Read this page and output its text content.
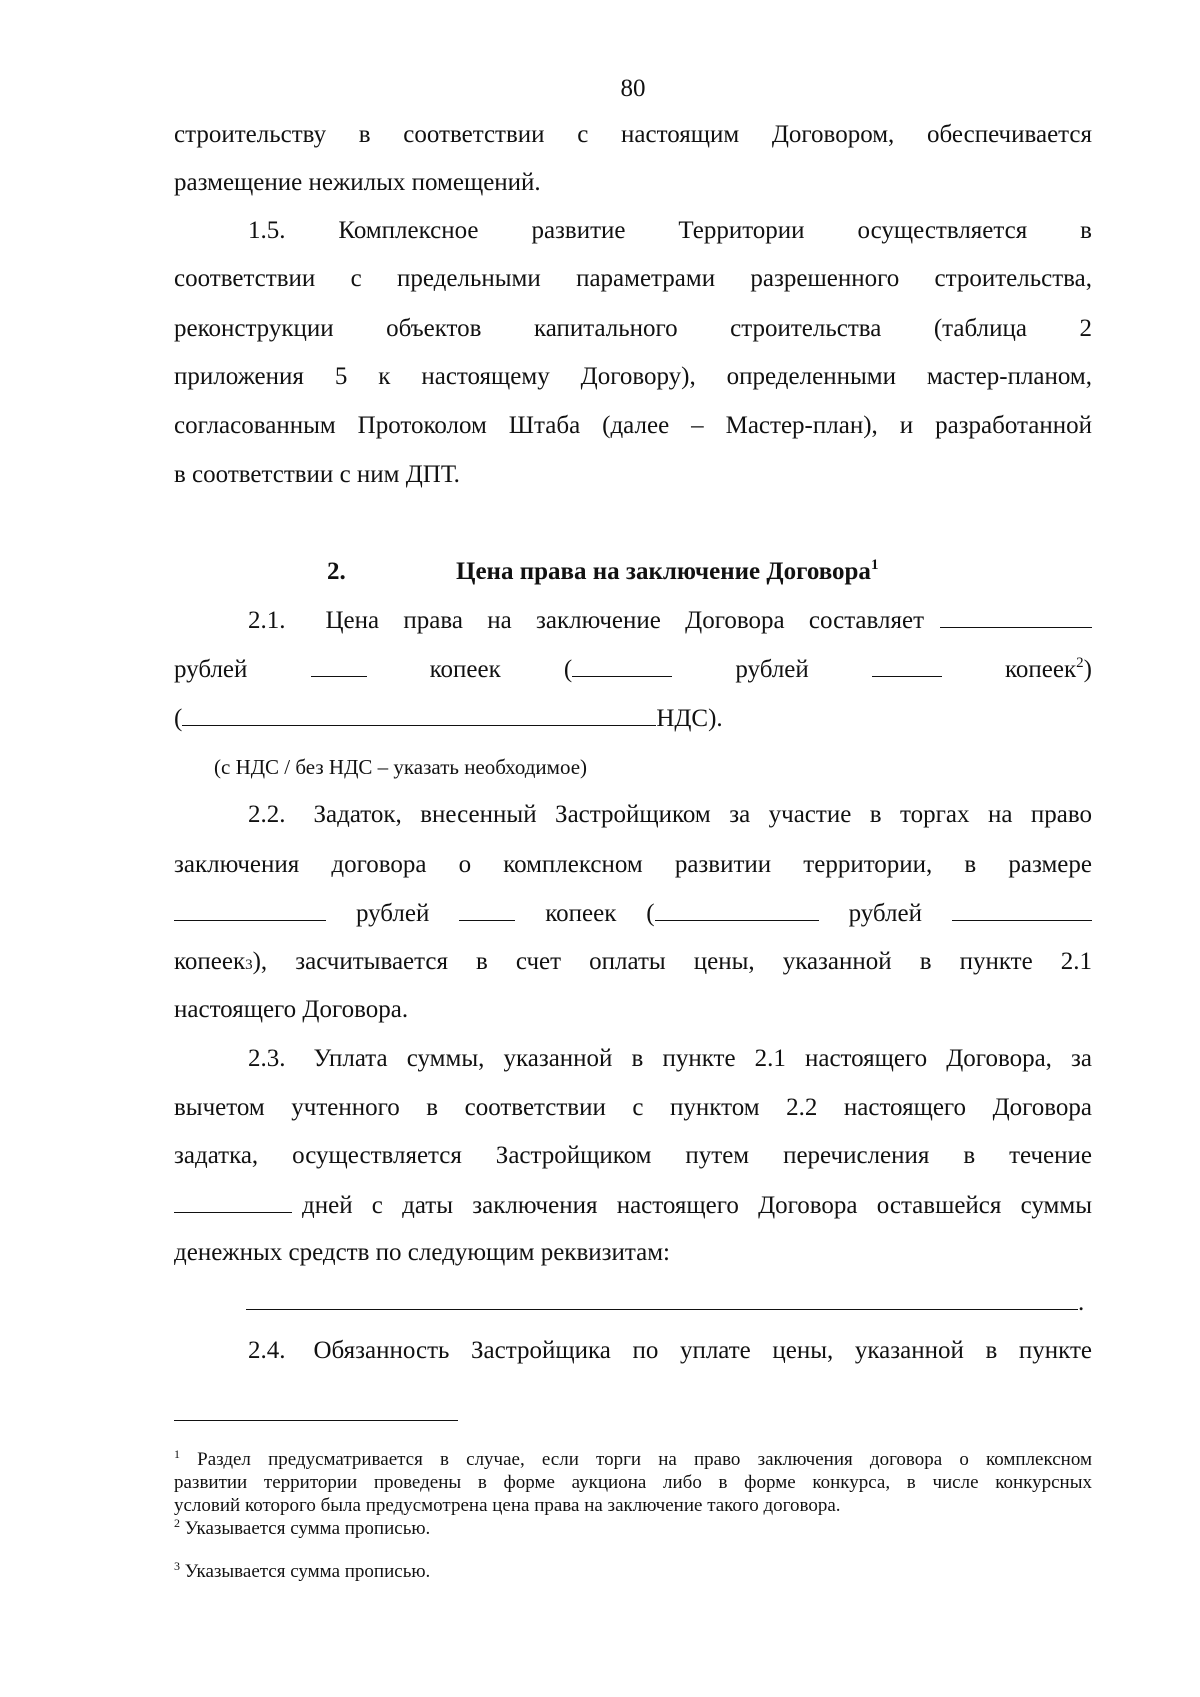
80
строительству в соответствии с настоящим Договором, обеспечивается
размещение нежилых помещений.
1.5. Комплексное развитие Территории осуществляется в
соответствии с предельными параметрами разрешенного строительства,
реконструкции объектов капитального строительства (таблица 2
приложения 5 к настоящему Договору), определенными мастер-планом,
согласованным Протоколом Штаба (далее – Мастер-план), и разработанной
в соответствии с ним ДПТ.
2.	Цена права на заключение Договора$^1$
2.1. Цена права на заключение Договора составляет
рублей	копеек	(	рублей	копеек$^2$)
(	НДС).
(с НДС / без НДС – указать необходимое)
2.2. Задаток, внесенный Застройщиком за участие в торгах на право
заключения договора о комплексном развитии территории, в размере
рублей	копеек (	рублей
копеек 3 ), засчитывается в счет оплаты цены, указанной в пункте 2.1
настоящего Договора.
2.3. Уплата суммы, указанной в пункте 2.1 настоящего Договора, за
вычетом учтенного в соответствии с пунктом 2.2 настоящего Договора
задатка, осуществляется Застройщиком путем перечисления в течение
дней с даты заключения настоящего Договора оставшейся суммы
денежных средств по следующим реквизитам:
.
2.4. Обязанность Застройщика по уплате цены, указанной в пункте
$^1$ Раздел предусматривается в случае, если торги на право заключения договора о комплексном
развитии территории проведены в форме аукциона либо в форме конкурса, в числе конкурсных
условий которого была предусмотрена цена права на заключение такого договора.
$^2$ Указывается сумма прописью.
$^3$ Указывается сумма прописью.
